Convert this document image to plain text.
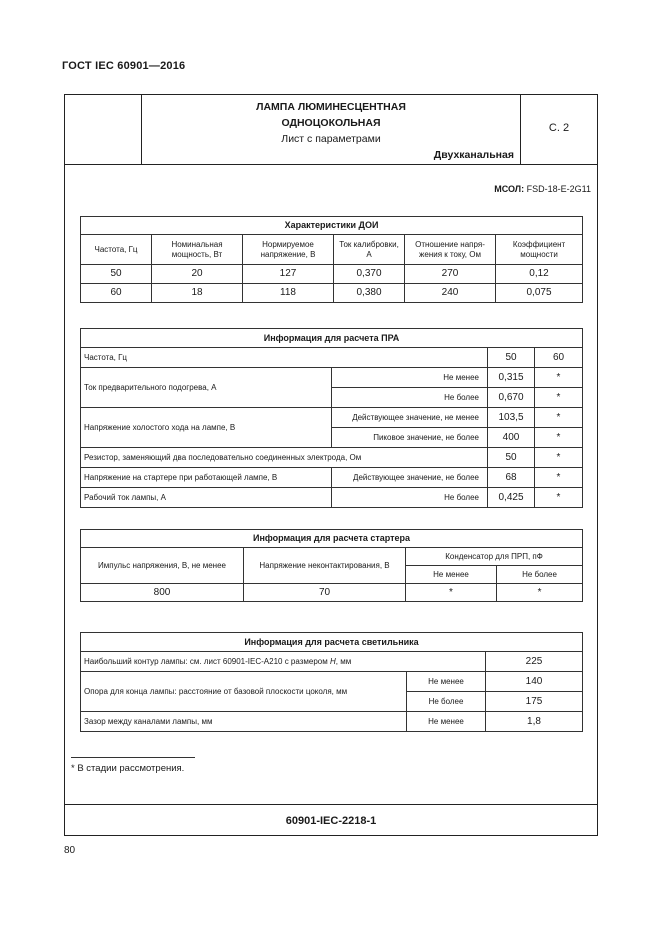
ГОСТ IEC 60901—2016
ЛАМПА ЛЮМИНЕСЦЕНТНАЯ
ОДНОЦОКОЛЬНАЯ
Лист с параметрами
Двухканальная
С. 2
МСОЛ: FSD-18-E-2G11
Характеристики ДОИ					
Частота, Гц	Номинальная мощность, Вт	Нормируемое напряжение, В	Ток калибровки, А	Отношение напря-жения к току, Ом	Коэффициент мощности
50	20	127	0,370	270	0,12
60	18	118	0,380	240	0,075
Информация для расчета ПРА			
Частота, Гц		50	60
Ток предварительного подогрева, А	Не менее	0,315	*
	Не более	0,670	*
Напряжение холостого хода на лампе, В	Действующее значение, не менее	103,5	*
	Пиковое значение, не более	400	*
Резистор, заменяющий два последовательно соединенных электрода, Ом		50	*
Напряжение на стартере при работающей лампе, В	Действующее значение, не более	68	*
Рабочий ток лампы, А	Не более	0,425	*
Информация для расчета стартера			
Импульс напряжения, В, не менее	Напряжение неконтактирования, В	Конденсатор для ПРП, пФ	
		Не менее	Не более
800	70	*	*
Информация для расчета светильника		
Наибольший контур лампы: см. лист 60901-IEC-A210 с размером H, мм		225
Опора для конца лампы: расстояние от базовой плоскости цоколя, мм	Не менее	140
	Не более	175
Зазор между каналами лампы, мм	Не менее	1,8
* В стадии рассмотрения.
60901-IEC-2218-1
80
